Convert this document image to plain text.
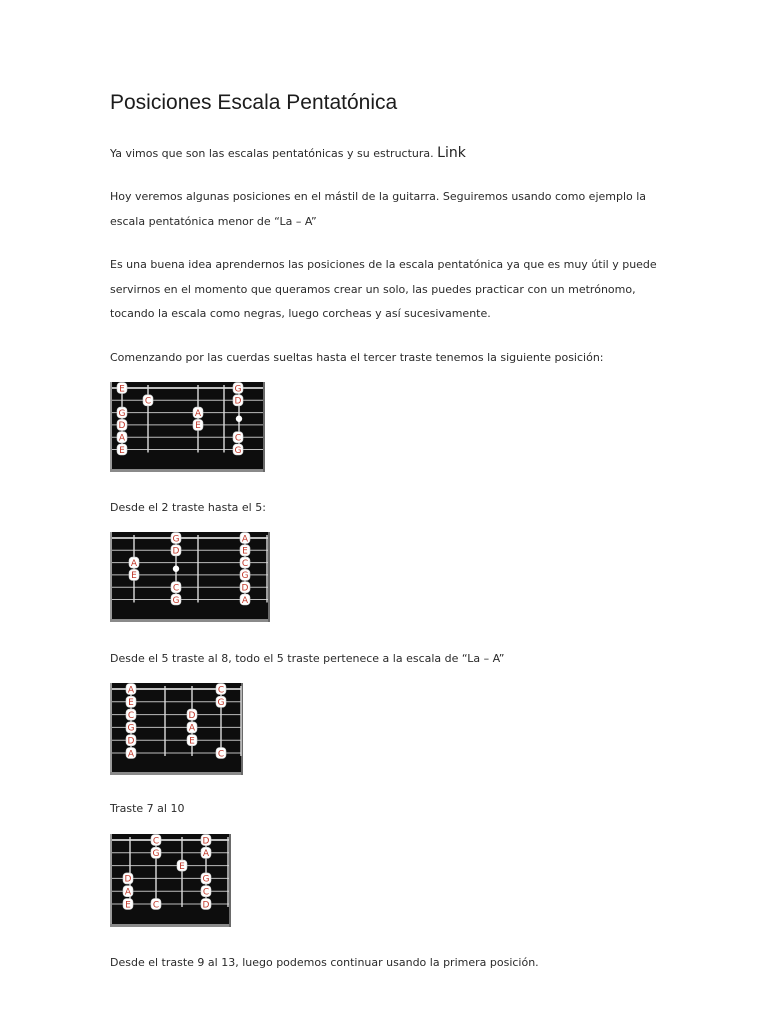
Posiciones Escala Pentatónica

Ya vimos que son las escalas pentatónicas y su estructura. Link

Hoy veremos algunas posiciones en el mástil de la guitarra. Seguiremos usando como ejemplo la
escala pentatónica menor de “La – A”

Es una buena idea aprendernos las posiciones de la escala pentatónica ya que es muy útil y puede
servirnos en el momento que queramos crear un solo, las puedes practicar con un metrónomo,
tocando la escala como negras, luego corcheas y así sucesivamente.

Comenzando por las cuerdas sueltas hasta el tercer traste tenemos la siguiente posición:

E	G
C	D
G	A
D	E
A	C
E	G

Desde el 2 traste hasta el 5:

G	A
D	E
A	C
E	G
C	D
G	A

Desde el 5 traste al 8, todo el 5 traste pertenece a la escala de “La – A”

A	C
E	G
C	D
G	A
D	E
A	C

Traste 7 al 10

C	D
G	A
E
D	G
A	C
E C	D

Desde el traste 9 al 13, luego podemos continuar usando la primera posición.
